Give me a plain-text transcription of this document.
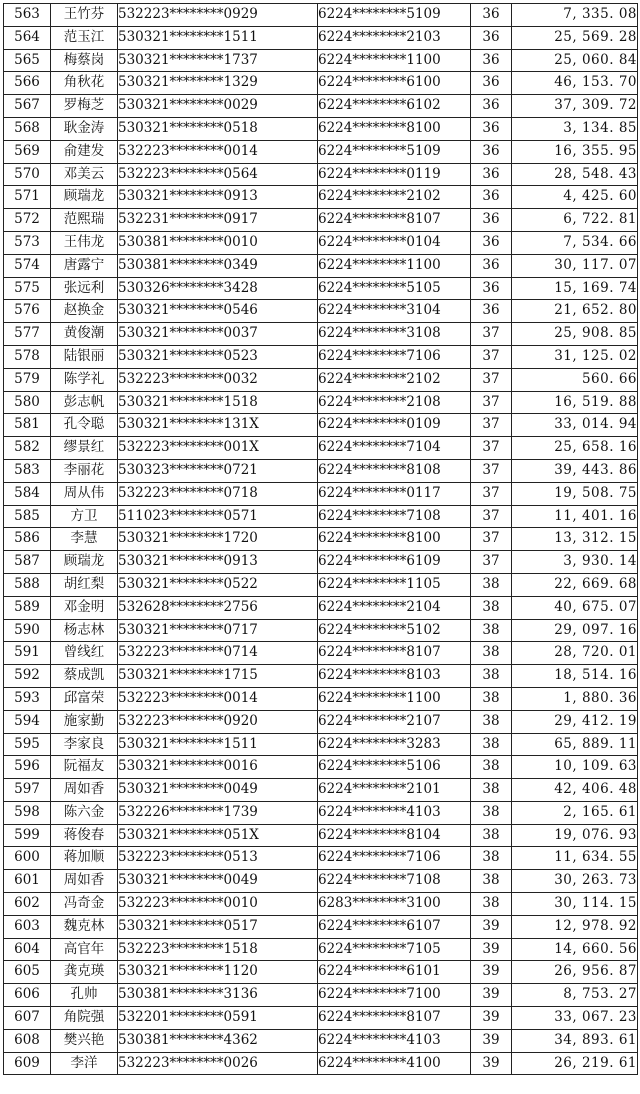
563	王竹芬	532223********0929	6224********5109	36	7, 335. 08
564	范玉江	530321********1511	6224********2103	36	25, 569. 28
565	梅蔡岗	530321********1737	6224********1100	36	25, 060. 84
566	角秋花	530321********1329	6224********6100	36	46, 153. 70
567	罗梅芝	530321********0029	6224********6102	36	37, 309. 72
568	耿金涛	530321********0518	6224********8100	36	3, 134. 85
569	俞建发	532223********0014	6224********5109	36	16, 355. 95
570	邓美云	532223********0564	6224********0119	36	28, 548. 43
571	顾瑞龙	530321********0913	6224********2102	36	4, 425. 60
572	范熙瑞	532231********0917	6224********8107	36	6, 722. 81
573	王伟龙	530381********0010	6224********0104	36	7, 534. 66
574	唐露宁	530381********0349	6224********1100	36	30, 117. 07
575	张远利	530326********3428	6224********5105	36	15, 169. 74
576	赵换金	530321********0546	6224********3104	36	21, 652. 80
577	黄俊潮	530321********0037	6224********3108	37	25, 908. 85
578	陆银丽	530321********0523	6224********7106	37	31, 125. 02
579	陈学礼	532223********0032	6224********2102	37	560. 66
580	彭志帆	530321********1518	6224********2108	37	16, 519. 88
581	孔令聪	530321********131X	6224********0109	37	33, 014. 94
582	缪景红	532223********001X	6224********7104	37	25, 658. 16
583	李丽花	530323********0721	6224********8108	37	39, 443. 86
584	周从伟	532223********0718	6224********0117	37	19, 508. 75
585	方卫	511023********0571	6224********7108	37	11, 401. 16
586	李慧	530321********1720	6224********8100	37	13, 312. 15
587	顾瑞龙	530321********0913	6224********6109	37	3, 930. 14
588	胡红梨	530321********0522	6224********1105	38	22, 669. 68
589	邓金明	532628********2756	6224********2104	38	40, 675. 07
590	杨志林	530321********0717	6224********5102	38	29, 097. 16
591	曾线红	532223********0714	6224********8107	38	28, 720. 01
592	蔡成凯	530321********1715	6224********8103	38	18, 514. 16
593	邱富荣	532223********0014	6224********1100	38	1, 880. 36
594	施家勤	532223********0920	6224********2107	38	29, 412. 19
595	李家良	530321********1511	6224********3283	38	65, 889. 11
596	阮福友	530321********0016	6224********5106	38	10, 109. 63
597	周如香	530321********0049	6224********2101	38	42, 406. 48
598	陈六金	532226********1739	6224********4103	38	2, 165. 61
599	蒋俊春	530321********051X	6224********8104	38	19, 076. 93
600	蒋加顺	532223********0513	6224********7106	38	11, 634. 55
601	周如香	530321********0049	6224********7108	38	30, 263. 73
602	冯奇金	532223********0010	6283********3100	38	30, 114. 15
603	魏克林	530321********0517	6224********6107	39	12, 978. 92
604	高官年	532223********1518	6224********7105	39	14, 660. 56
605	龚克瑛	530321********1120	6224********6101	39	26, 956. 87
606	孔帅	530381********3136	6224********7100	39	8, 753. 27
607	角院强	532201********0591	6224********8107	39	33, 067. 23
608	樊兴艳	530381********4362	6224********4103	39	34, 893. 61
609	李洋	532223********0026	6224********4100	39	26, 219. 61
